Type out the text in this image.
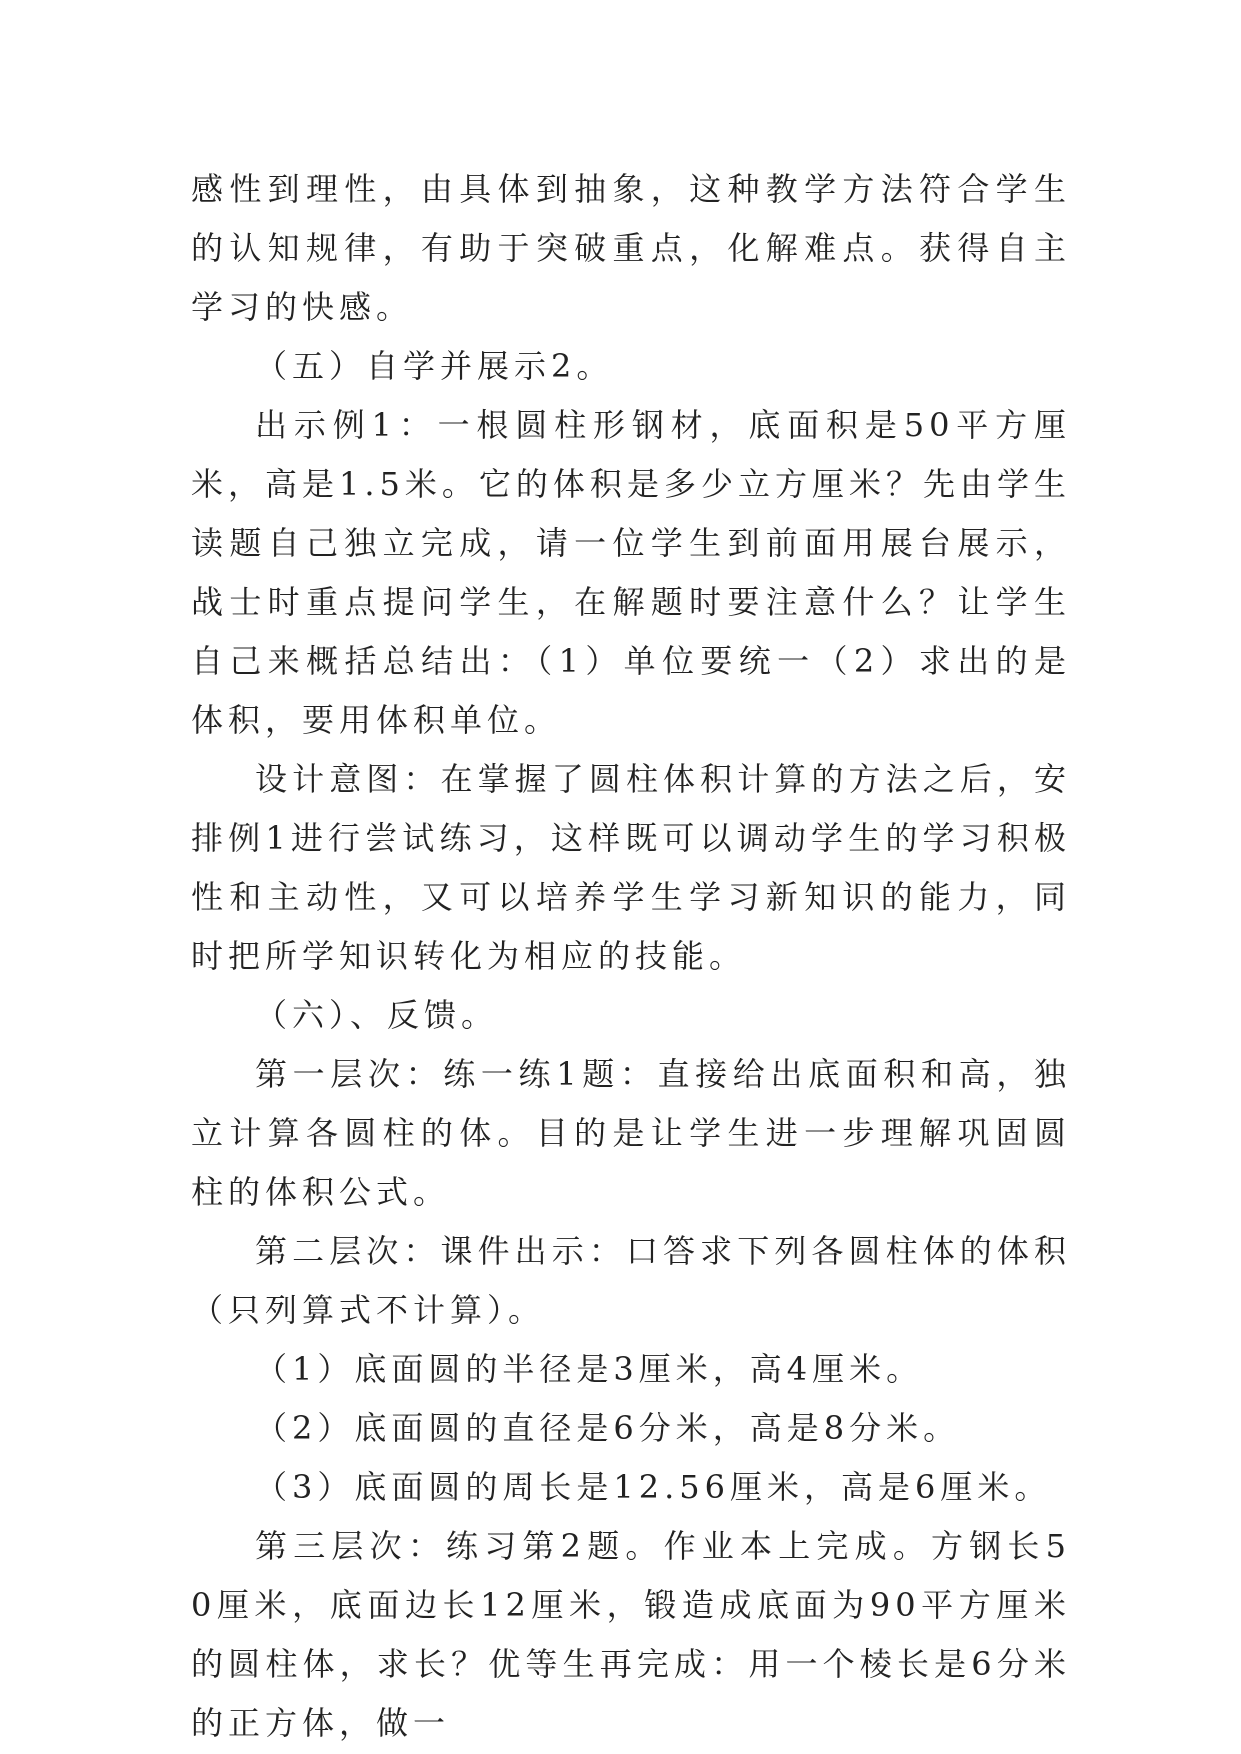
感性到理性，由具体到抽象，这种教学方法符合学生的认知规律，有助于突破重点，化解难点。获得自主学习的快感。

（五）自学并展示2。

出示例1：一根圆柱形钢材，底面积是50平方厘米，高是1.5米。它的体积是多少立方厘米？先由学生读题自己独立完成，请一位学生到前面用展台展示，战士时重点提问学生，在解题时要注意什么？让学生自己来概括总结出：（1）单位要统一（2）求出的是体积，要用体积单位。

设计意图：在掌握了圆柱体积计算的方法之后，安排例1进行尝试练习，这样既可以调动学生的学习积极性和主动性，又可以培养学生学习新知识的能力，同时把所学知识转化为相应的技能。

（六）、反馈。

第一层次：练一练1题：直接给出底面积和高，独立计算各圆柱的体。目的是让学生进一步理解巩固圆柱的体积公式。

第二层次：课件出示：口答求下列各圆柱体的体积（只列算式不计算）。

（1）底面圆的半径是3厘米，高4厘米。

（2）底面圆的直径是6分米，高是8分米。

（3）底面圆的周长是12.56厘米，高是6厘米。

第三层次：练习第2题。作业本上完成。方钢长50厘米，底面边长12厘米，锻造成底面为90平方厘米的圆柱体，求长？优等生再完成：用一个棱长是6分米的正方体，做一
